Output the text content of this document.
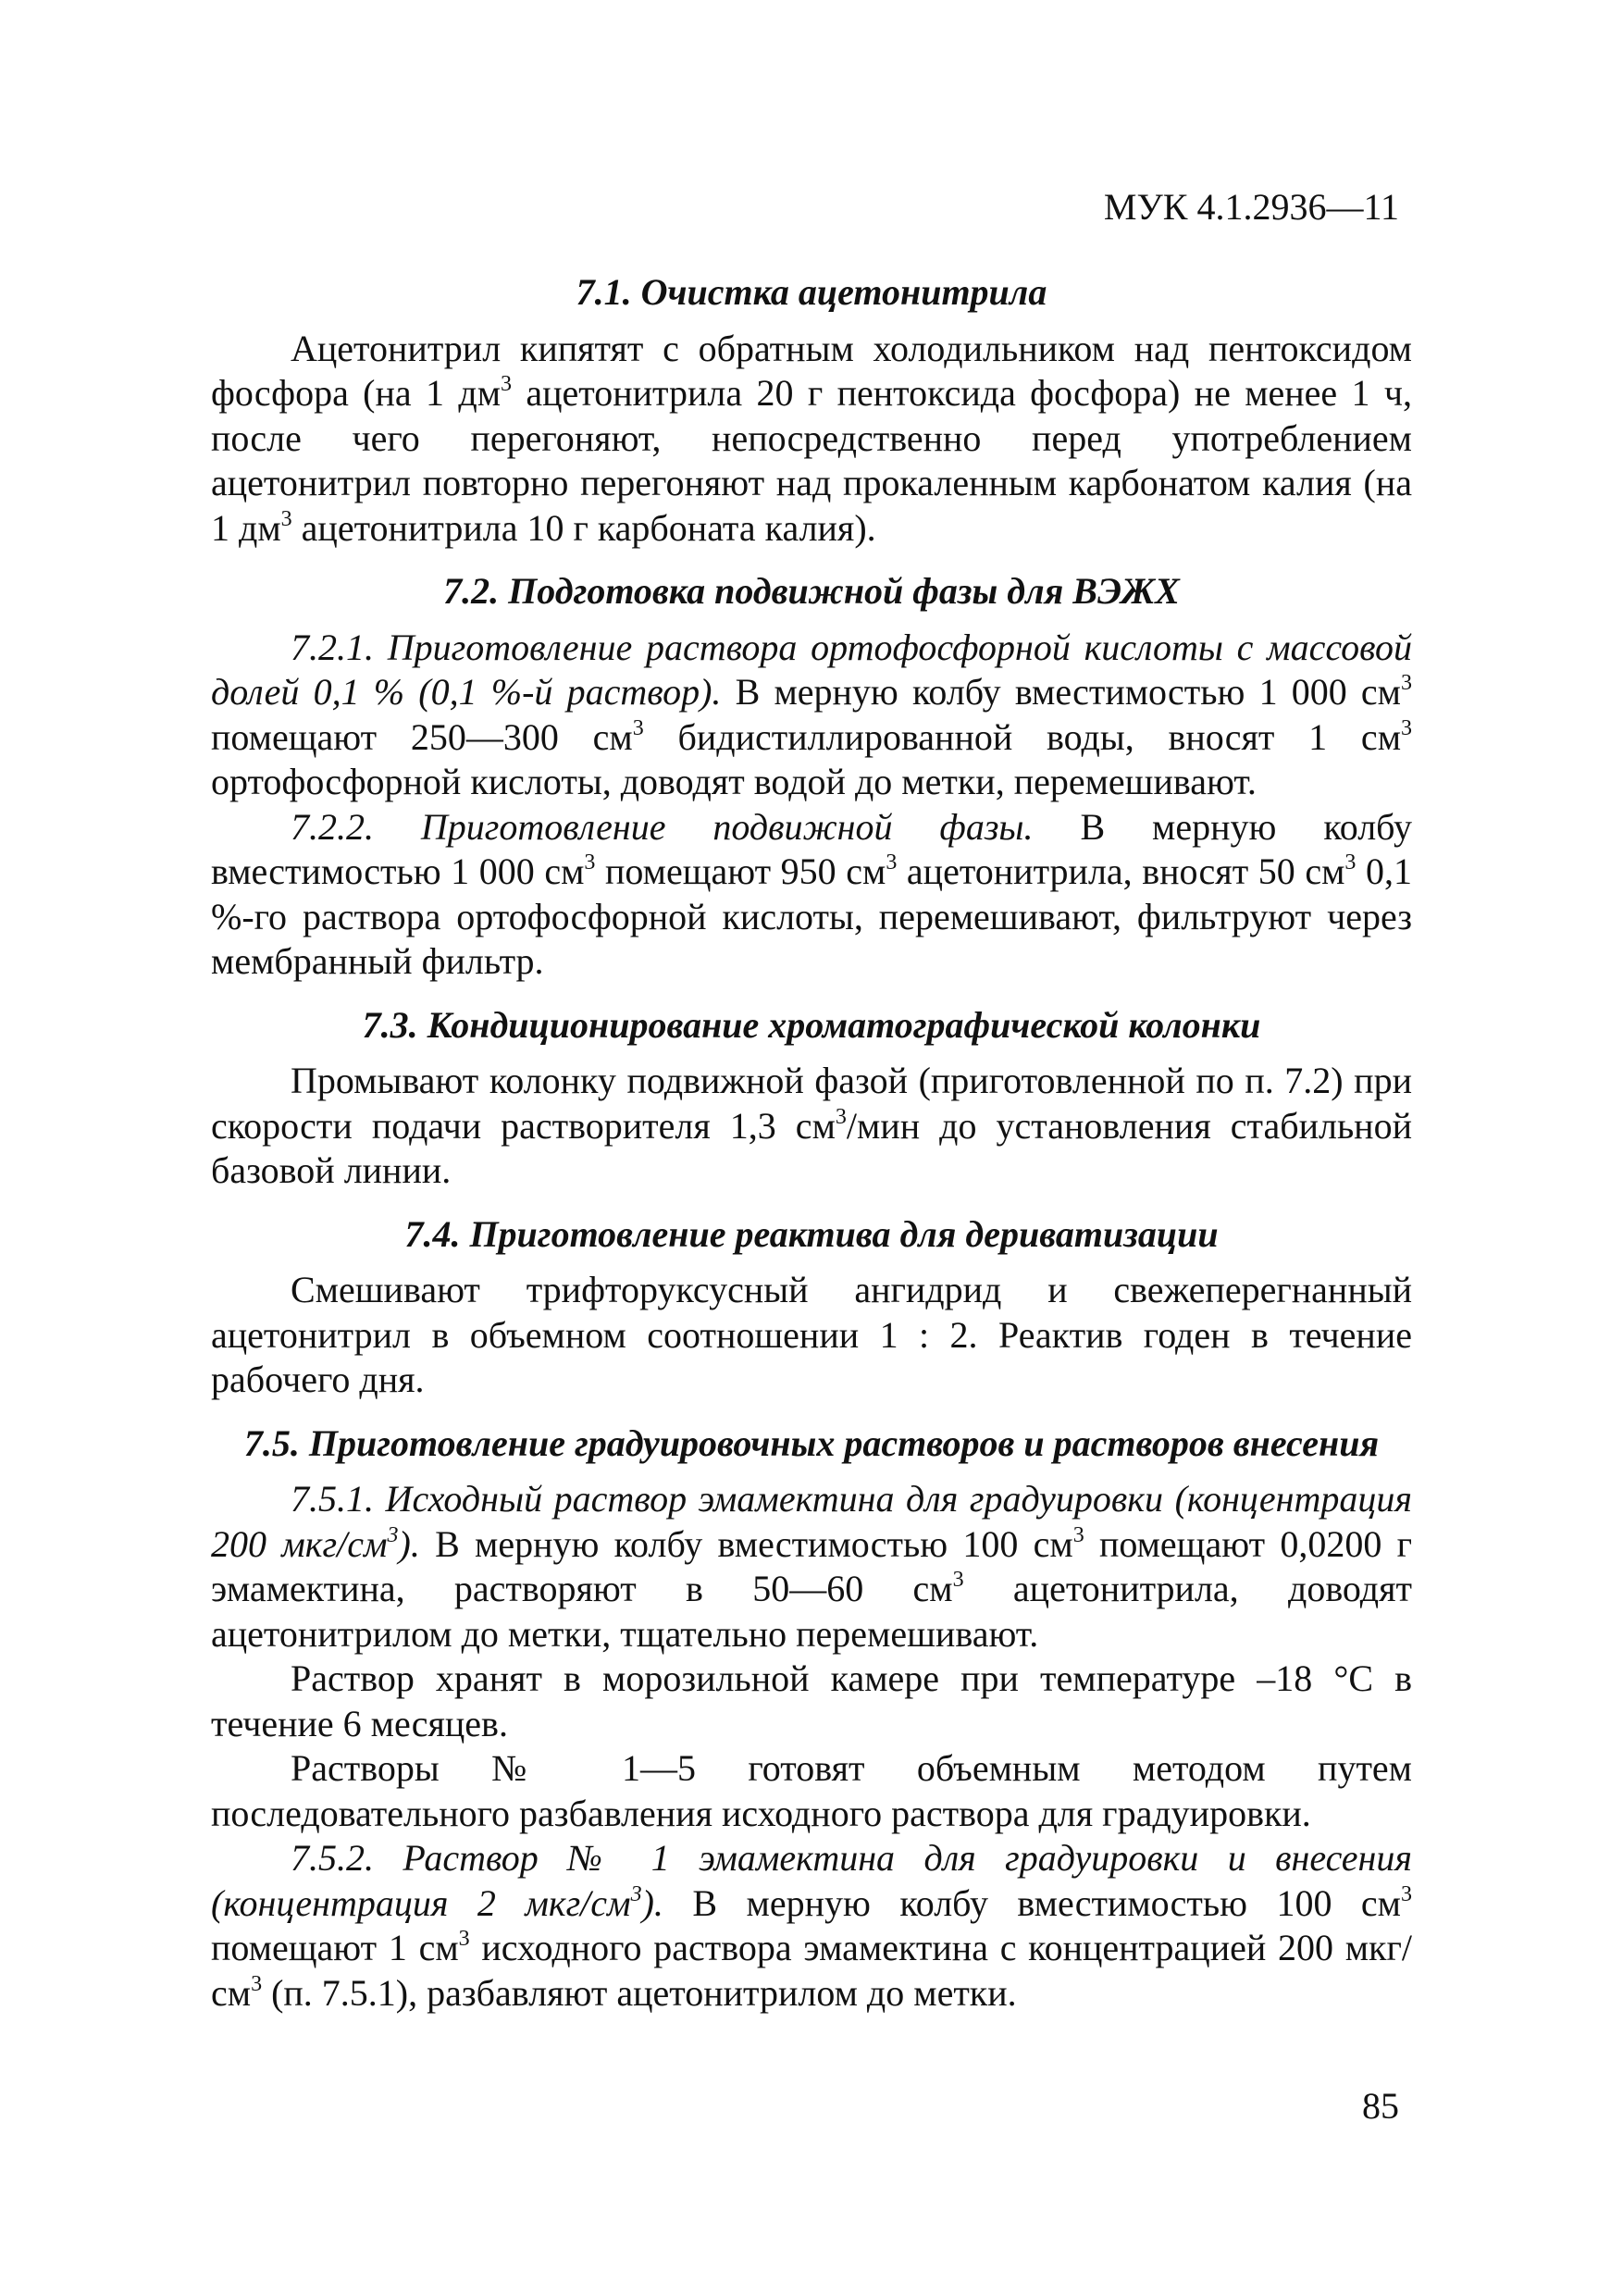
МУК 4.1.2936—11

7.1. Очистка ацетонитрила

Ацетонитрил кипятят с обратным холодильником над пентоксидом фосфора (на 1 $дм^3$ ацетонитрила 20 г пентоксида фосфора) не менее 1 ч, после чего перегоняют, непосредственно перед употреблением ацетонитрил повторно перегоняют над прокаленным карбонатом калия (на 1 $дм^3$ ацетонитрила 10 г карбоната калия).

7.2. Подготовка подвижной фазы для ВЭЖХ

7.2.1. Приготовление раствора ортофосфорной кислоты с массовой долей 0,1 % (0,1 %-й раствор). В мерную колбу вместимостью 1 000 $см^3$ помещают 250—300 $см^3$ бидистиллированной воды, вносят 1 $см^3$ ортофосфорной кислоты, доводят водой до метки, перемешивают.

7.2.2. Приготовление подвижной фазы. В мерную колбу вместимостью 1 000 $см^3$ помещают 950 $см^3$ ацетонитрила, вносят 50 $см^3$ 0,1 %-го раствора ортофосфорной кислоты, перемешивают, фильтруют через мембранный фильтр.

7.3. Кондиционирование хроматографической колонки

Промывают колонку подвижной фазой (приготовленной по п. 7.2) при скорости подачи растворителя 1,3 $см^3$/мин до установления стабильной базовой линии.

7.4. Приготовление реактива для дериватизации

Смешивают трифторуксусный ангидрид и свежеперегнанный ацетонитрил в объемном соотношении 1 : 2. Реактив годен в течение рабочего дня.

7.5. Приготовление градуировочных растворов и растворов внесения

7.5.1. Исходный раствор эмамектина для градуировки (концентрация 200 мкг/$см^3$). В мерную колбу вместимостью 100 $см^3$ помещают 0,0200 г эмамектина, растворяют в 50—60 $см^3$ ацетонитрила, доводят ацетонитрилом до метки, тщательно перемешивают.

Раствор хранят в морозильной камере при температуре –18 °С в течение 6 месяцев.

Растворы № 1—5 готовят объемным методом путем последовательного разбавления исходного раствора для градуировки.

7.5.2. Раствор № 1 эмамектина для градуировки и внесения (концентрация 2 мкг/$см^3$). В мерную колбу вместимостью 100 $см^3$ помещают 1 $см^3$ исходного раствора эмамектина с концентрацией 200 мкг/$см^3$ (п. 7.5.1), разбавляют ацетонитрилом до метки.

85
